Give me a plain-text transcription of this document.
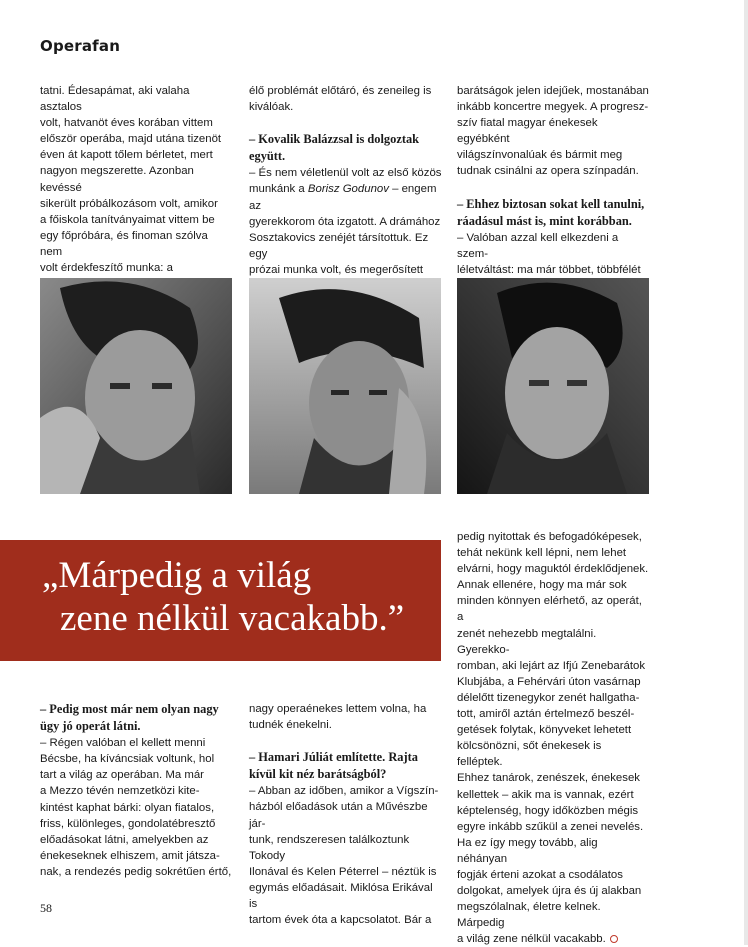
Operafan

tatni. Édesapámat, aki valaha asztalos

volt, hatvanöt éves korában vittem

először operába, majd utána tizenöt

éven át kapott tőlem bérletet, mert

nagyon megszerette. Azonban kevéssé

sikerült próbálkozásom volt, amikor

a főiskola tanítványaimat vittem be

egy főpróbára, és finoman szólva nem

volt érdekfeszítő munka: a

élő problémát előtáró, és zeneileg is

kiválóak.

– Kovalik Balázzsal is dolgoztak

együtt.

– És nem véletlenül volt az első közös

munkánk a Borisz Godunov – engem az

gyerekkorom óta izgatott. A drámához

Sosztakovics zenéjét társítottuk. Ez egy

prózai munka volt, és megerősített

barátságok jelen idejűek, mostanában

inkább koncertre megyek. A progresz-

szív fiatal magyar énekesek egyébként

világszínvonalúak és bármit meg

tudnak csinálni az opera színpadán.

– Ehhez biztosan sokat kell tanulni,

ráadásul mást is, mint korábban.

– Valóban azzal kell elkezdeni a szem-

léletváltást: ma már többet, többfélét

„Márpedig a világ
zene nélkül vacakabb.”

pedig nyitottak és befogadóképesek,

tehát nekünk kell lépni, nem lehet

elvárni, hogy maguktól érdeklődjenek.

Annak ellenére, hogy ma már sok

minden könnyen elérhető, az operát, a

zenét nehezebb megtalálni. Gyerekko-

romban, aki lejárt az Ifjú Zenebarátok

Klubjába, a Fehérvári úton vasárnap

délelőtt tizenegykor zenét hallgatha-

tott, amiről aztán értelmező beszél-

getések folytak, könyveket lehetett

kölcsönözni, sőt énekesek is felléptek.

Ehhez tanárok, zenészek, énekesek

kellettek – akik ma is vannak, ezért

képtelenség, hogy időközben mégis

egyre inkább szűkül a zenei nevelés.

Ha ez így megy tovább, alig néhányan

fogják érteni azokat a csodálatos

dolgokat, amelyek újra és új alakban

megszólalnak, életre kelnek. Márpedig

a világ zene nélkül vacakabb.

– Pedig most már nem olyan nagy

ügy jó operát látni.

– Régen valóban el kellett menni

Bécsbe, ha kíváncsiak voltunk, hol

tart a világ az operában. Ma már

a Mezzo tévén nemzetközi kite-

kintést kaphat bárki: olyan fiatalos,

friss, különleges, gondolatébresztő

előadásokat látni, amelyekben az

énekeseknek elhiszem, amit játsza-

nak, a rendezés pedig sokrétűen értő,

nagy operaénekes lettem volna, ha

tudnék énekelni.

– Hamari Júliát említette. Rajta

kívül kit néz barátságból?

– Abban az időben, amikor a Vígszín-

házból előadások után a Művészbe jár-

tunk, rendszeresen találkoztunk Tokody

Ilonával és Kelen Péterrel – néztük is

egymás előadásait. Miklósa Erikával is

tartom évek óta a kapcsolatot. Bár a

58
